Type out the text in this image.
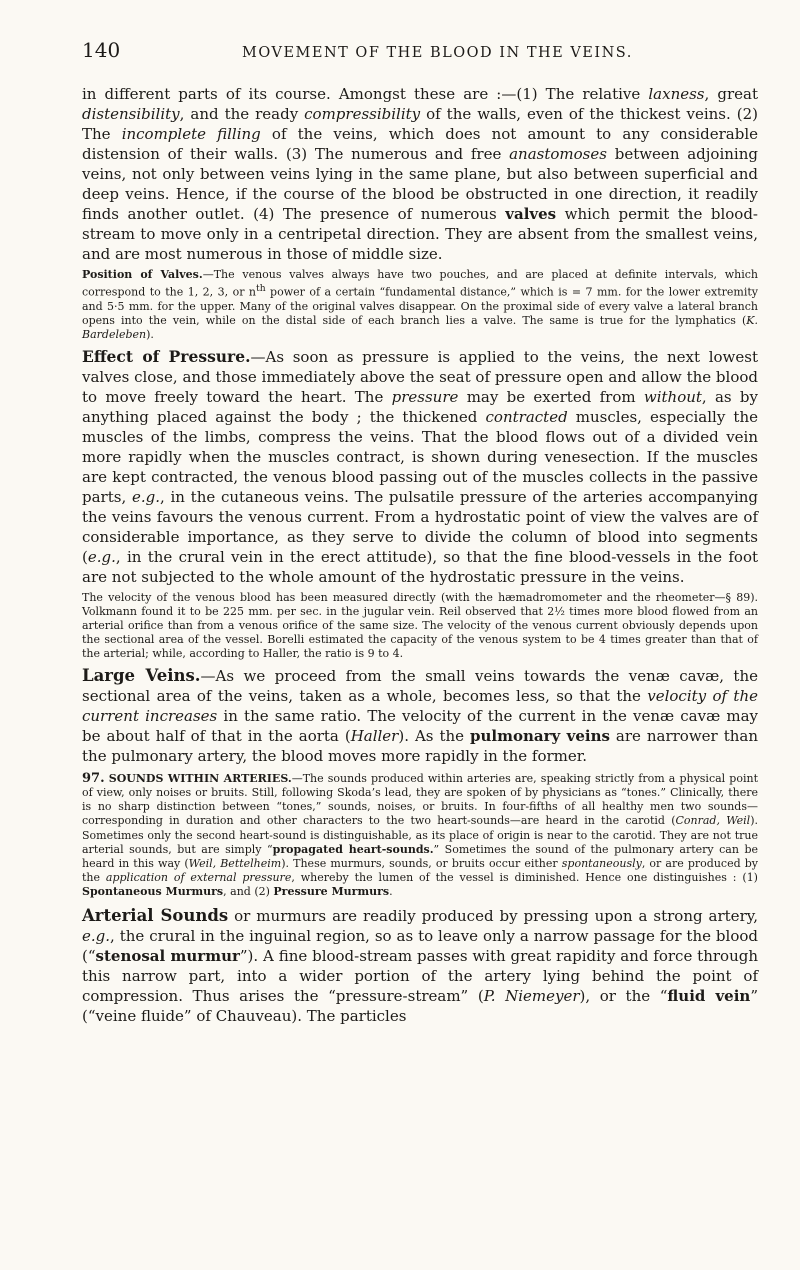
140	MOVEMENT OF THE BLOOD IN THE VEINS.

in different parts of its course. Amongst these are :—(1) The relative laxness, great distensibility, and the ready compressibility of the walls, even of the thickest veins. (2) The incomplete filling of the veins, which does not amount to any considerable distension of their walls. (3) The numerous and free anastomoses between adjoining veins, not only between veins lying in the same plane, but also between superficial and deep veins. Hence, if the course of the blood be obstructed in one direction, it readily finds another outlet. (4) The presence of numerous valves which permit the blood-stream to move only in a centripetal direction. They are absent from the smallest veins, and are most numerous in those of middle size.

Position of Valves.—The venous valves always have two pouches, and are placed at definite intervals, which correspond to the 1, 2, 3, or $n^{th}$ power of a certain “fundamental distance,” which is = 7 mm. for the lower extremity and 5·5 mm. for the upper. Many of the original valves disappear. On the proximal side of every valve a lateral branch opens into the vein, while on the distal side of each branch lies a valve. The same is true for the lymphatics (K. Bardeleben).

Effect of Pressure.—As soon as pressure is applied to the veins, the next lowest valves close, and those immediately above the seat of pressure open and allow the blood to move freely toward the heart. The pressure may be exerted from without, as by anything placed against the body ; the thickened contracted muscles, especially the muscles of the limbs, compress the veins. That the blood flows out of a divided vein more rapidly when the muscles contract, is shown during venesection. If the muscles are kept contracted, the venous blood passing out of the muscles collects in the passive parts, e.g., in the cutaneous veins. The pulsatile pressure of the arteries accompanying the veins favours the venous current. From a hydrostatic point of view the valves are of considerable importance, as they serve to divide the column of blood into segments (e.g., in the crural vein in the erect attitude), so that the fine blood-vessels in the foot are not subjected to the whole amount of the hydrostatic pressure in the veins.

The velocity of the venous blood has been measured directly (with the hæmadromometer and the rheometer—§ 89). Volkmann found it to be 225 mm. per sec. in the jugular vein. Reil observed that 2½ times more blood flowed from an arterial orifice than from a venous orifice of the same size. The velocity of the venous current obviously depends upon the sectional area of the vessel. Borelli estimated the capacity of the venous system to be 4 times greater than that of the arterial; while, according to Haller, the ratio is 9 to 4.

Large Veins.—As we proceed from the small veins towards the venæ cavæ, the sectional area of the veins, taken as a whole, becomes less, so that the velocity of the current increases in the same ratio. The velocity of the current in the venæ cavæ may be about half of that in the aorta (Haller). As the pulmonary veins are narrower than the pulmonary artery, the blood moves more rapidly in the former.

97. SOUNDS WITHIN ARTERIES.—The sounds produced within arteries are, speaking strictly from a physical point of view, only noises or bruits. Still, following Skoda’s lead, they are spoken of by physicians as “tones.” Clinically, there is no sharp distinction between “tones,” sounds, noises, or bruits. In four-fifths of all healthy men two sounds—corresponding in duration and other characters to the two heart-sounds—are heard in the carotid (Conrad, Weil). Sometimes only the second heart-sound is distinguishable, as its place of origin is near to the carotid. They are not true arterial sounds, but are simply “propagated heart-sounds.” Sometimes the sound of the pulmonary artery can be heard in this way (Weil, Bettelheim). These murmurs, sounds, or bruits occur either spontaneously, or are produced by the application of external pressure, whereby the lumen of the vessel is diminished. Hence one distinguishes : (1) Spontaneous Murmurs, and (2) Pressure Murmurs.

Arterial Sounds or murmurs are readily produced by pressing upon a strong artery, e.g., the crural in the inguinal region, so as to leave only a narrow passage for the blood (“stenosal murmur”). A fine blood-stream passes with great rapidity and force through this narrow part, into a wider portion of the artery lying behind the point of compression. Thus arises the “pressure-stream” (P. Niemeyer), or the “fluid vein” (“veine fluide” of Chauveau). The particles
